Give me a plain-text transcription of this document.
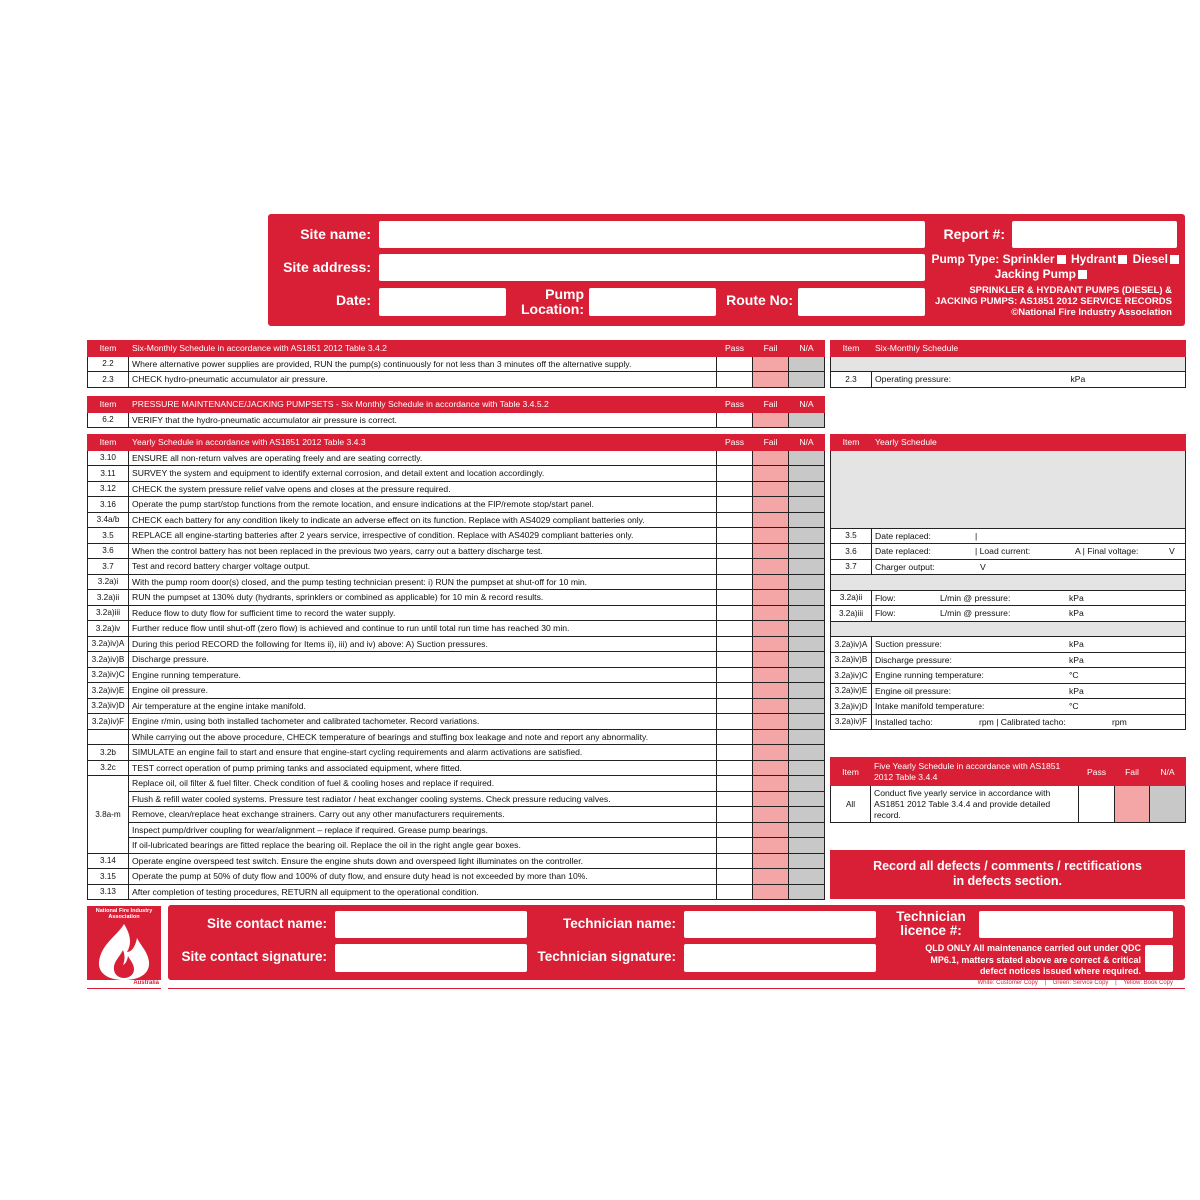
Site name:
Site address:
Date:	Pump
Location:
Route No:
Report #:
Pump Type: Sprinkler Hydrant Diesel
Jacking Pump
SPRINKLER & HYDRANT PUMPS (DIESEL) &
JACKING PUMPS: AS1851 2012 SERVICE RECORDS
©National Fire Industry Association
Item	Six-Monthly Schedule in accordance with AS1851 2012 Table 3.4.2	Pass	Fail	N/A
2.2	Where alternative power supplies are provided, RUN the pump(s) continuously for not less than 3 minutes off the alternative supply.			
2.3	CHECK hydro-pneumatic accumulator air pressure.			
Item	PRESSURE MAINTENANCE/JACKING PUMPSETS - Six Monthly Schedule in accordance with Table 3.4.5.2	Pass	Fail	N/A
6.2	VERIFY that the hydro-pneumatic accumulator air pressure is correct.			
Item	Yearly Schedule in accordance with AS1851 2012 Table 3.4.3	Pass	Fail	N/A
3.10	ENSURE all non-return valves are operating freely and are seating correctly.			
3.11	SURVEY the system and equipment to identify external corrosion, and detail extent and location accordingly.			
3.12	CHECK the system pressure relief valve opens and closes at the pressure required.			
3.16	Operate the pump start/stop functions from the remote location, and ensure indications at the FIP/remote stop/start panel.			
3.4a/b	CHECK each battery for any condition likely to indicate an adverse effect on its function. Replace with AS4029 compliant batteries only.			
3.5	REPLACE all engine-starting batteries after 2 years service, irrespective of condition. Replace with AS4029 compliant batteries only.			
3.6	When the control battery has not been replaced in the previous two years, carry out a battery discharge test.			
3.7	Test and record battery charger voltage output.			
3.2a)i	With the pump room door(s) closed, and the pump testing technician present: i) RUN the pumpset at shut-off for 10 min.			
3.2a)ii	RUN the pumpset at 130% duty (hydrants, sprinklers or combined as applicable) for 10 min & record results.			
3.2a)iii	Reduce flow to duty flow for sufficient time to record the water supply.			
3.2a)iv	Further reduce flow until shut-off (zero flow) is achieved and continue to run until total run time has reached 30 min.			
3.2a)iv)A	During this period RECORD the following for Items ii), iii) and iv) above: A) Suction pressures.			
3.2a)iv)B	Discharge pressure.			
3.2a)iv)C	Engine running temperature.			
3.2a)iv)E	Engine oil pressure.			
3.2a)iv)D	Air temperature at the engine intake manifold.			
3.2a)iv)F	Engine r/min, using both installed tachometer and calibrated tachometer. Record variations.			
	While carrying out the above procedure, CHECK temperature of bearings and stuffing box leakage and note and report any abnormality.			
3.2b	SIMULATE an engine fail to start and ensure that engine-start cycling requirements and alarm activations are satisfied.			
3.2c	TEST correct operation of pump priming tanks and associated equipment, where fitted.			
3.8a-m	Replace oil, oil filter & fuel filter. Check condition of fuel & cooling hoses and replace if required.			
	Flush & refill water cooled systems. Pressure test radiator / heat exchanger cooling systems. Check pressure reducing valves.			
	Remove, clean/replace heat exchange strainers. Carry out any other manufacturers requirements.			
	Inspect pump/driver coupling for wear/alignment – replace if required. Grease pump bearings.			
	If oil-lubricated bearings are fitted replace the bearing oil. Replace the oil in the right angle gear boxes.			
3.14	Operate engine overspeed test switch. Ensure the engine shuts down and overspeed light illuminates on the controller.			
3.15	Operate the pump at 50% of duty flow and 100% of duty flow, and ensure duty head is not exceeded by more than 10%.			
3.13	After completion of testing procedures, RETURN all equipment to the operational condition.			
Item	Six-Monthly Schedule

2.3	Operating pressure: kPa
Item	Yearly Schedule

3.5	Date replaced: |

3.6	Date replaced: | Load current: A | Final voltage: V

3.7	Charger output: V

3.2a)ii	Flow: L/min @ pressure: kPa

3.2a)iii	Flow: L/min @ pressure: kPa

3.2a)iv)A	Suction pressure: kPa

3.2a)iv)B	Discharge pressure: kPa

3.2a)iv)C	Engine running temperature: °C

3.2a)iv)E	Engine oil pressure: kPa

3.2a)iv)D	Intake manifold temperature: °C

3.2a)iv)F	Installed tacho: rpm | Calibrated tacho: rpm
Item	Five Yearly Schedule in accordance with AS1851 2012 Table 3.4.4	Pass	Fail	N/A
All	Conduct five yearly service in accordance with AS1851 2012 Table 3.4.4 and provide detailed record.			
Record all defects / comments / rectifications in defects section.
National Fire Industry Association
Australia
Site contact name:
Site contact signature:
Technician name:
Technician signature:
Technician licence #:
QLD ONLY All maintenance carried out under QDC MP6.1, matters stated above are correct & critical defect notices issued where required.
White: Customer Copy    |    Green: Service Copy    |    Yellow: Book Copy
